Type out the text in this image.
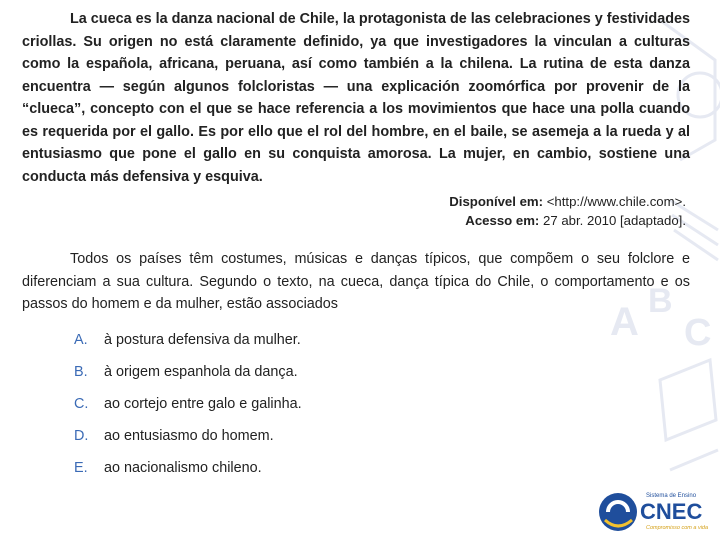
A B
C

La cueca es la danza nacional de Chile, la protagonista de las celebraciones y festividades criollas. Su origen no está claramente definido, ya que investigadores la vinculan a culturas como la española, africana, peruana, así como también a la chilena. La rutina de esta danza encuentra — según algunos folcloristas — una explicación zoomórfica por provenir de la “clueca”, concepto con el que se hace referencia a los movimientos que hace una polla cuando es requerida por el gallo. Es por ello que el rol del hombre, en el baile, se asemeja a la rueda y al entusiasmo que pone el gallo en su conquista amorosa. La mujer, en cambio, sostiene una conducta más defensiva y esquiva.

Disponível em: <http://www.chile.com>.
Acesso em: 27 abr. 2010 [adaptado].

Todos os países têm costumes, músicas e danças típicos, que compõem o seu folclore e diferenciam a sua cultura. Segundo o texto, na cueca, dança típica do Chile, o comportamento e os passos do homem e da mulher, estão associados

A.	à postura defensiva da mulher.
B.	à origem espanhola da dança.
C.	ao cortejo entre galo e galinha.
D.	ao entusiasmo do homem.
E.	ao nacionalismo chileno.
Sistema de Ensino
CNEC
Compromisso com a vida
